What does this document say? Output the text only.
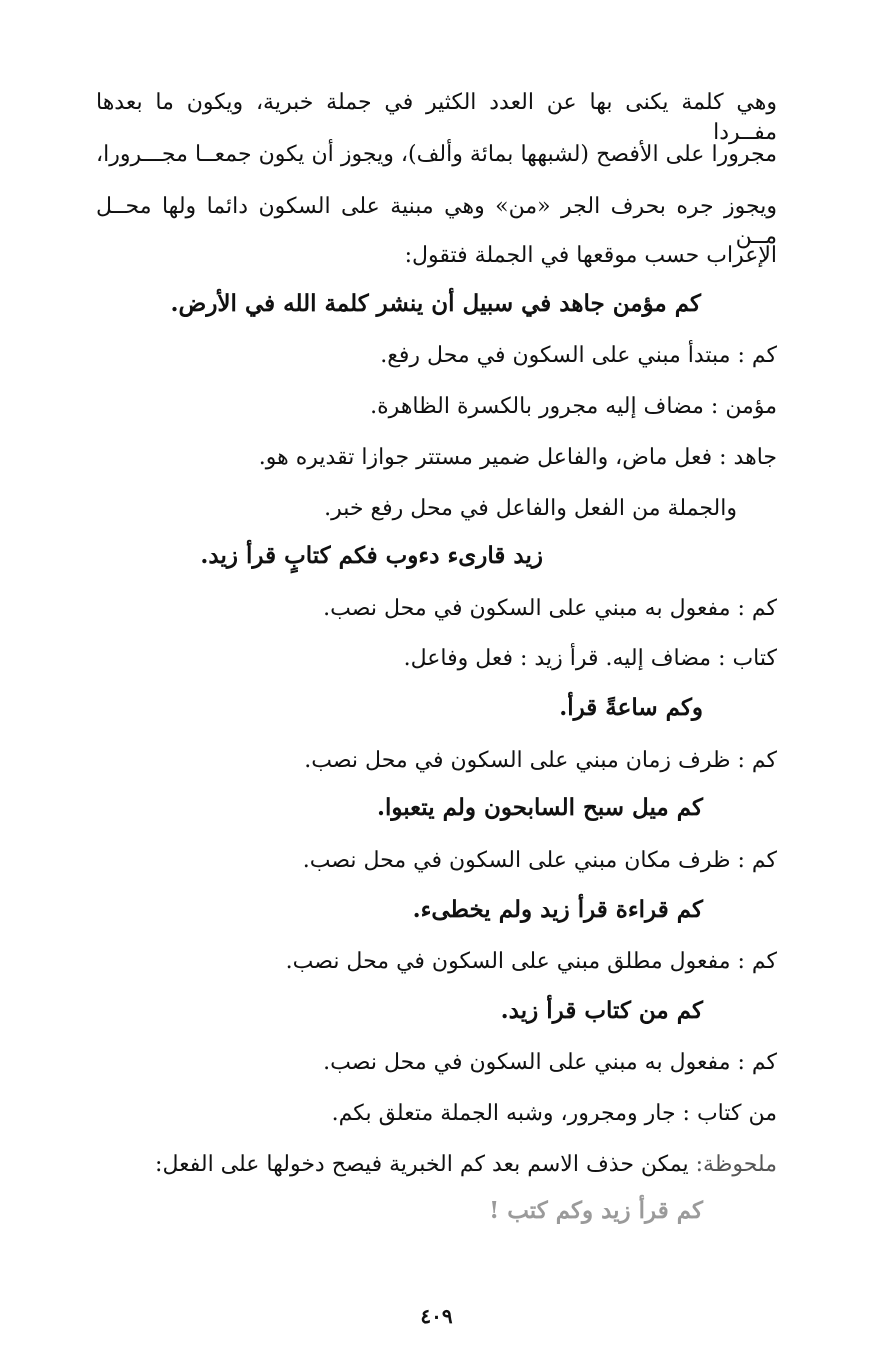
وهي كلمة يكنى بها عن العدد الكثير في جملة خبرية، ويكون ما بعدها مفــردا
مجرورا على الأفصح (لشبهها بمائة وألف)، ويجوز أن يكون جمعــا مجـــرورا،
ويجوز جره بحرف الجر «من» وهي مبنية على السكون دائما ولها محــل مــن
الإعراب حسب موقعها في الجملة فتقول:
كم مؤمن جاهد في سبيل أن ينشر كلمة الله في الأرض.
كم : مبتدأ مبني على السكون في محل رفع.
مؤمن : مضاف إليه مجرور بالكسرة الظاهرة.
جاهد : فعل ماض، والفاعل ضمير مستتر جوازا تقديره هو.
والجملة من الفعل والفاعل في محل رفع خبر.
زيد قارىء دءوب فكم كتابٍ قرأ زيد.
كم : مفعول به مبني على السكون في محل نصب.
كتاب : مضاف إليه. قرأ زيد : فعل وفاعل.
وكم ساعةً قرأ.
كم : ظرف زمان مبني على السكون في محل نصب.
كم ميل سبح السابحون ولم يتعبوا.
كم : ظرف مكان مبني على السكون في محل نصب.
كم قراءة قرأ زيد ولم يخطىء.
كم : مفعول مطلق مبني على السكون في محل نصب.
كم من كتاب قرأ زيد.
كم : مفعول به مبني على السكون في محل نصب.
من كتاب : جار ومجرور، وشبه الجملة متعلق بكم.
ملحوظة: يمكن حذف الاسم بعد كم الخبرية فيصح دخولها على الفعل:
كم قرأ زيد وكم كتب !
٤٠٩
